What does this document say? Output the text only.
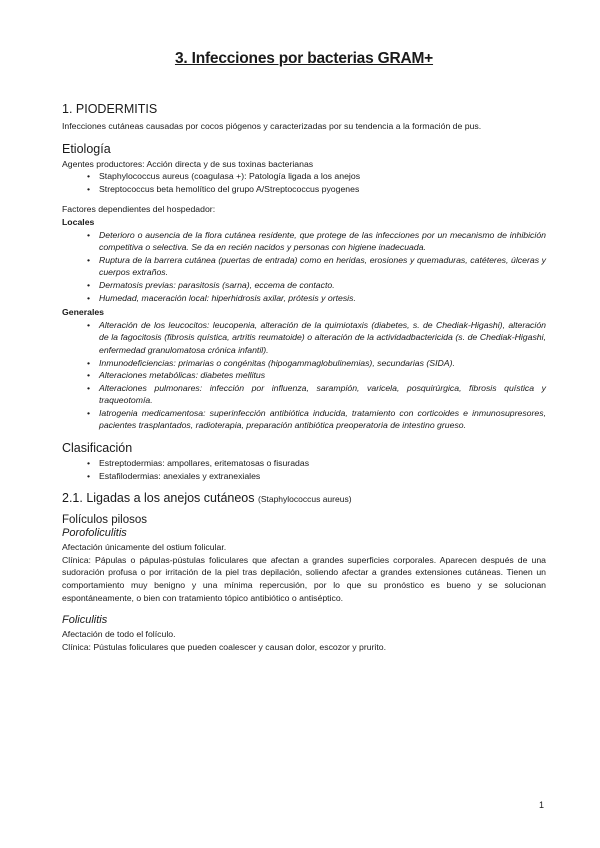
3. Infecciones por bacterias GRAM+
1. PIODERMITIS

Infecciones cutáneas causadas por cocos piógenos y caracterizadas por su tendencia a la formación de pus.

Etiología

Agentes productores: Acción directa y de sus toxinas bacterianas

• Staphylococcus aureus (coagulasa +): Patología ligada a los anejos
• Streptococcus beta hemolítico del grupo A/Streptococcus pyogenes

Factores dependientes del hospedador:

Locales

• Deterioro o ausencia de la flora cutánea residente, que protege de las infecciones por un mecanismo de inhibición competitiva o selectiva. Se da en recién nacidos y personas con higiene inadecuada.
• Ruptura de la barrera cutánea (puertas de entrada) como en heridas, erosiones y quemaduras, catéteres, úlceras y cuerpos extraños.
• Dermatosis previas: parasitosis (sarna), eccema de contacto.
• Humedad, maceración local: hiperhidrosis axilar, prótesis y ortesis.

Generales

• Alteración de los leucocitos: leucopenia, alteración de la quimiotaxis (diabetes, s. de Chediak-Higashi), alteración de la fagocitosis (fibrosis quística, artritis reumatoide) o alteración de la actividadbactericida (s. de Chediak-Higashi, enfermedad granulomatosa crónica infantil).
• Inmunodeficiencias: primarias o congénitas (hipogammaglobulinemias), secundarias (SIDA).
• Alteraciones metabólicas: diabetes mellitus
• Alteraciones pulmonares: infección por influenza, sarampión, varicela, posquirúrgica, fibrosis quística y traqueotomía.
• Iatrogenia medicamentosa: superinfección antibiótica inducida, tratamiento con corticoides e inmunosupresores, pacientes trasplantados, radioterapia, preparación antibiótica preoperatoria de intestino grueso.
Clasificación
• Estreptodermias: ampollares, eritematosas o fisuradas
• Estafilodermias: anexiales y extranexiales
2.1. Ligadas a los anejos cutáneos (Staphylococcus aureus)
Folículos pilosos
Porofoliculitis

Afectación únicamente del ostium folicular.

Clínica: Pápulas o pápulas-pústulas foliculares que afectan a grandes superficies corporales. Aparecen después de una sudoración profusa o por irritación de la piel tras depilación, soliendo afectar a grandes extensiones cutáneas. Tienen un comportamiento muy benigno y una mínima repercusión, por lo que su pronóstico es bueno y se solucionan espontáneamente, o bien con tratamiento tópico antibiótico o antiséptico.

Foliculitis

Afectación de todo el folículo.

Clínica: Pústulas foliculares que pueden coalescer y causan dolor, escozor y prurito.

1
